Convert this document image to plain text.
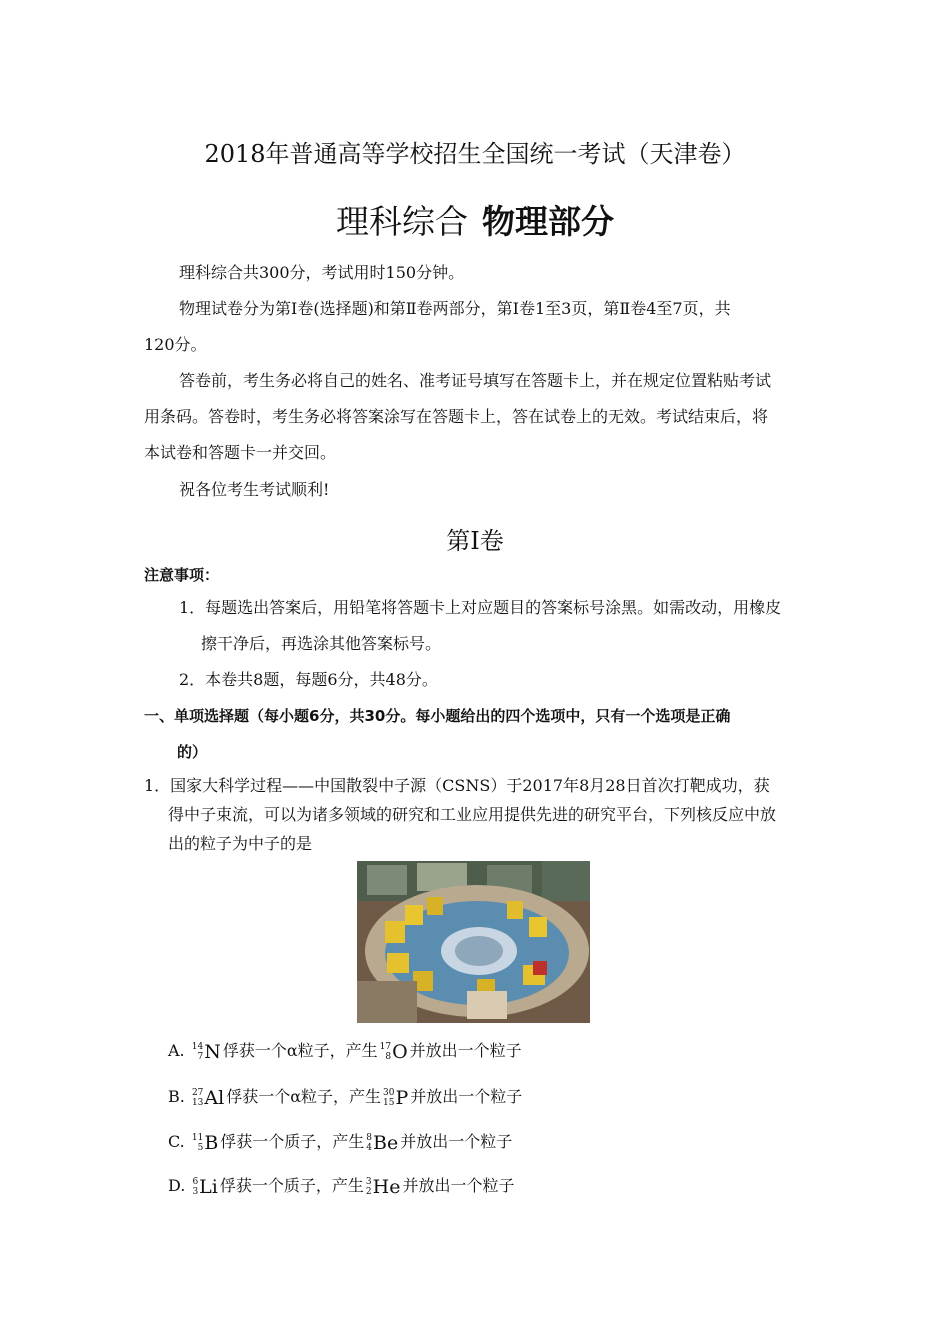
2018年普通高等学校招生全国统一考试（天津卷）
理科综合 物理部分
理科综合共300分，考试用时150分钟。
物理试卷分为第Ⅰ卷(选择题)和第Ⅱ卷两部分，第Ⅰ卷1至3页，第Ⅱ卷4至7页，共
120分。
答卷前，考生务必将自己的姓名、准考证号填写在答题卡上，并在规定位置粘贴考试
用条码。答卷时，考生务必将答案涂写在答题卡上，答在试卷上的无效。考试结束后，将
本试卷和答题卡一并交回。
祝各位考生考试顺利!
第Ⅰ卷
注意事项：
1．每题选出答案后，用铅笔将答题卡上对应题目的答案标号涂黑。如需改动，用橡皮
擦干净后，再选涂其他答案标号。
2．本卷共8题，每题6分，共48分。
一、单项选择题（每小题6分，共30分。每小题给出的四个选项中，只有一个选项是正确
的）
1．国家大科学过程——中国散裂中子源（CSNS）于2017年8月28日首次打靶成功，获
得中子束流，可以为诸多领域的研究和工业应用提供先进的研究平台，下列核反应中放
出的粒子为中子的是
A. 14
7 N 俘获一个α粒子，产生 17
8 O 并放出一个粒子
B. 27
13 Al 俘获一个α粒子，产生 30
15 P 并放出一个粒子
C. 11
5 B 俘获一个质子，产生 8
4 Be 并放出一个粒子
D. 6
3 Li 俘获一个质子，产生 3
2 He 并放出一个粒子
